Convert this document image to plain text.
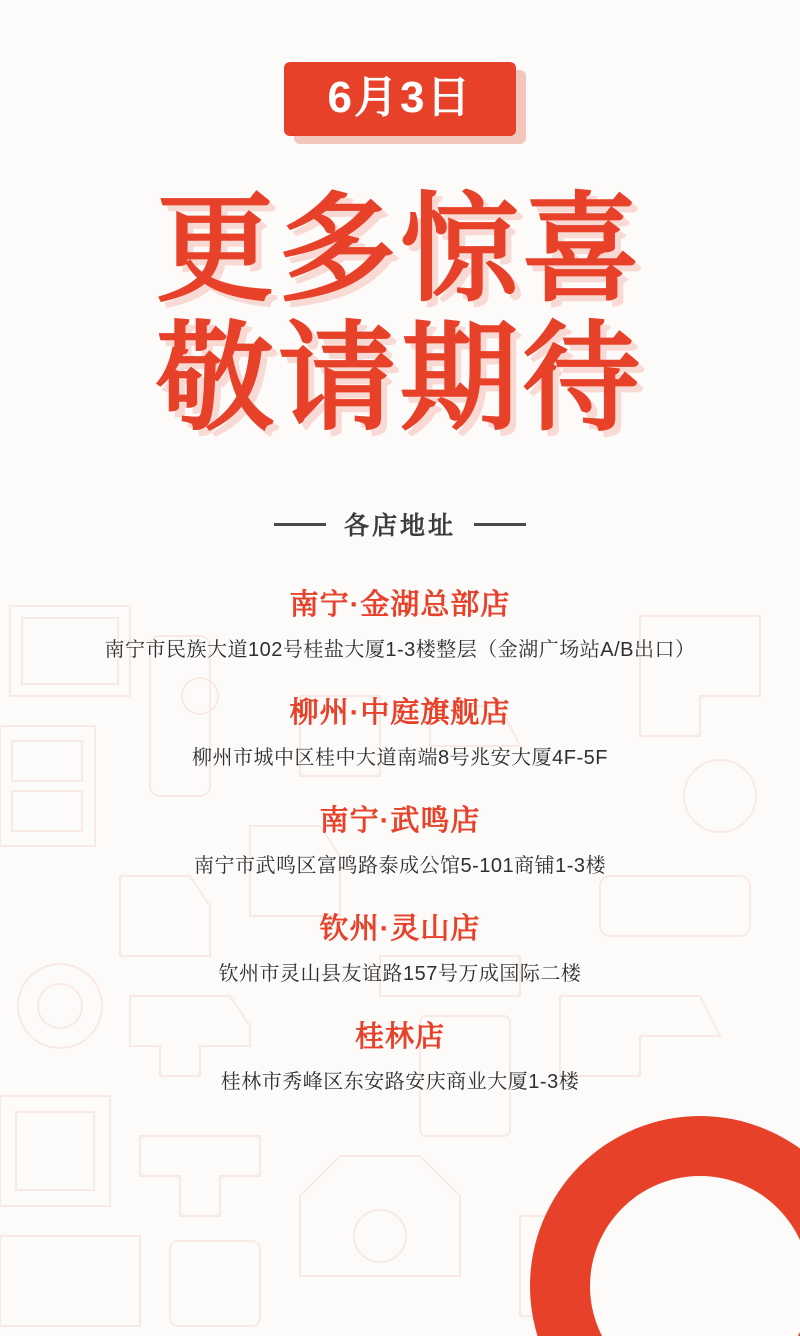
6月3日
更多惊喜
敬请期待
各店地址
南宁·金湖总部店
南宁市民族大道102号桂盐大厦1-3楼整层（金湖广场站A/B出口）
柳州·中庭旗舰店
柳州市城中区桂中大道南端8号兆安大厦4F-5F
南宁·武鸣店
南宁市武鸣区富鸣路泰成公馆5-101商铺1-3楼
钦州·灵山店
钦州市灵山县友谊路157号万成国际二楼
桂林店
桂林市秀峰区东安路安庆商业大厦1-3楼
